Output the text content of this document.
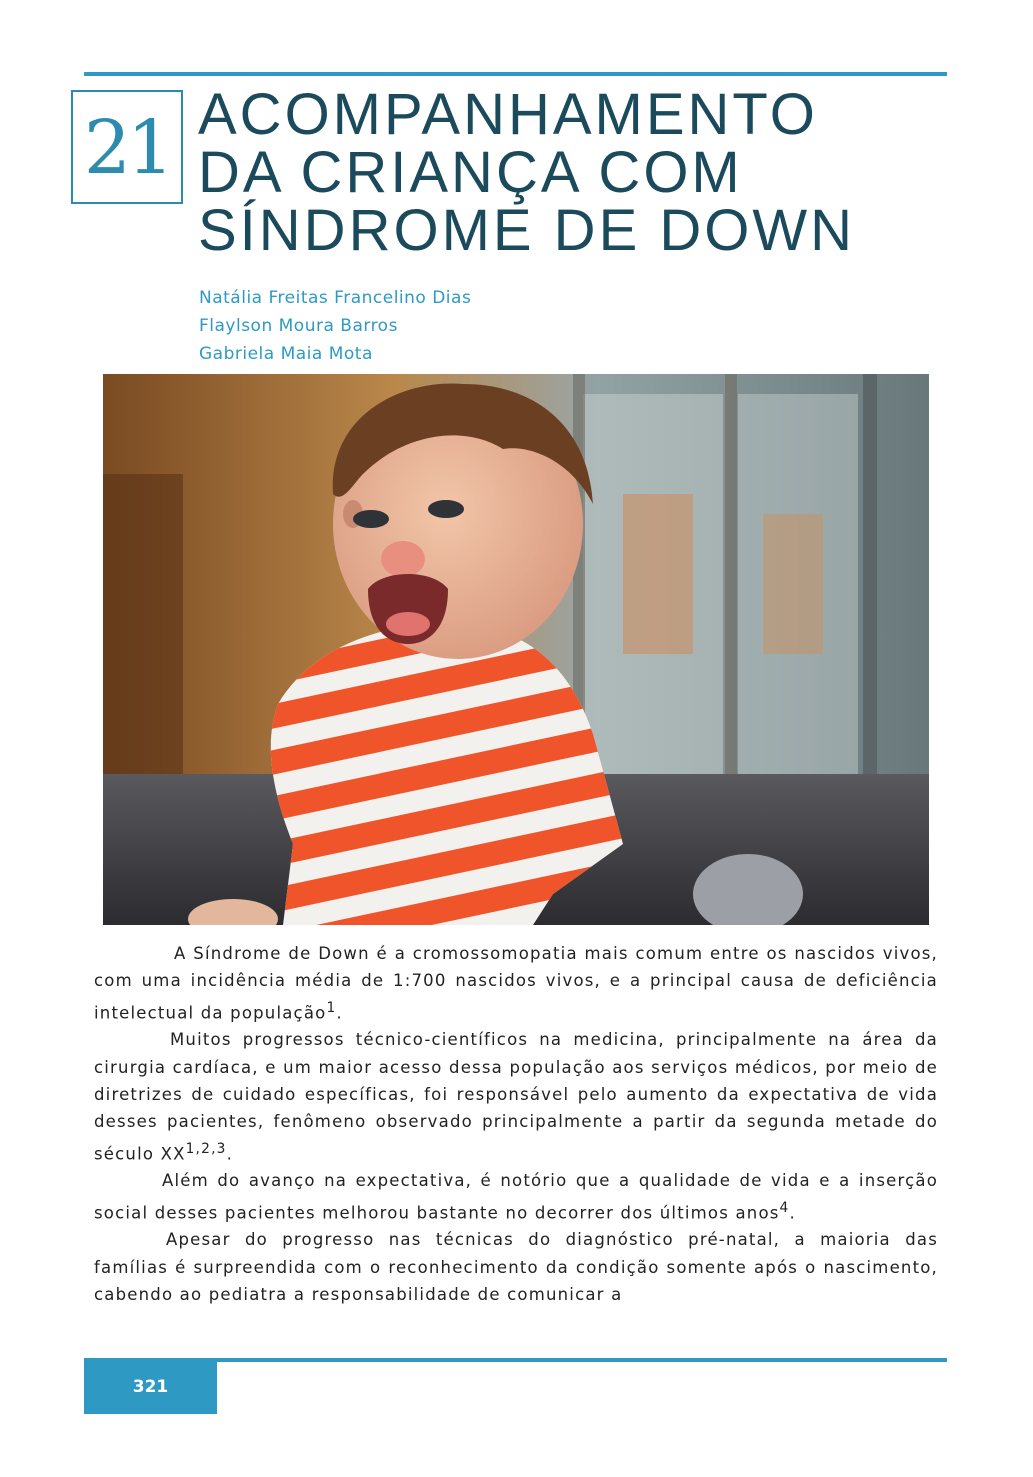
21 ACOMPANHAMENTO
DA CRIANÇA COM
SÍNDROME DE DOWN
Natália Freitas Francelino Dias
Flaylson Moura Barros
Gabriela Maia Mota

A Síndrome de Down é a cromossomopatia mais comum entre os nascidos vivos, com uma incidência média de 1:700 nascidos vivos, e a principal causa de deficiência intelectual da população$^1$.

Muitos progressos técnico-científicos na medicina, principalmente na área da cirurgia cardíaca, e um maior acesso dessa população aos serviços médicos, por meio de diretrizes de cuidado específicas, foi responsável pelo aumento da expectativa de vida desses pacientes, fenômeno observado principalmente a partir da segunda metade do século XX$^{1,2,3}$.

Além do avanço na expectativa, é notório que a qualidade de vida e a inserção social desses pacientes melhorou bastante no decorrer dos últimos anos$^4$.

Apesar do progresso nas técnicas do diagnóstico pré-natal, a maioria das famílias é surpreendida com o reconhecimento da condição somente após o nascimento, cabendo ao pediatra a responsabilidade de comunicar a

321
